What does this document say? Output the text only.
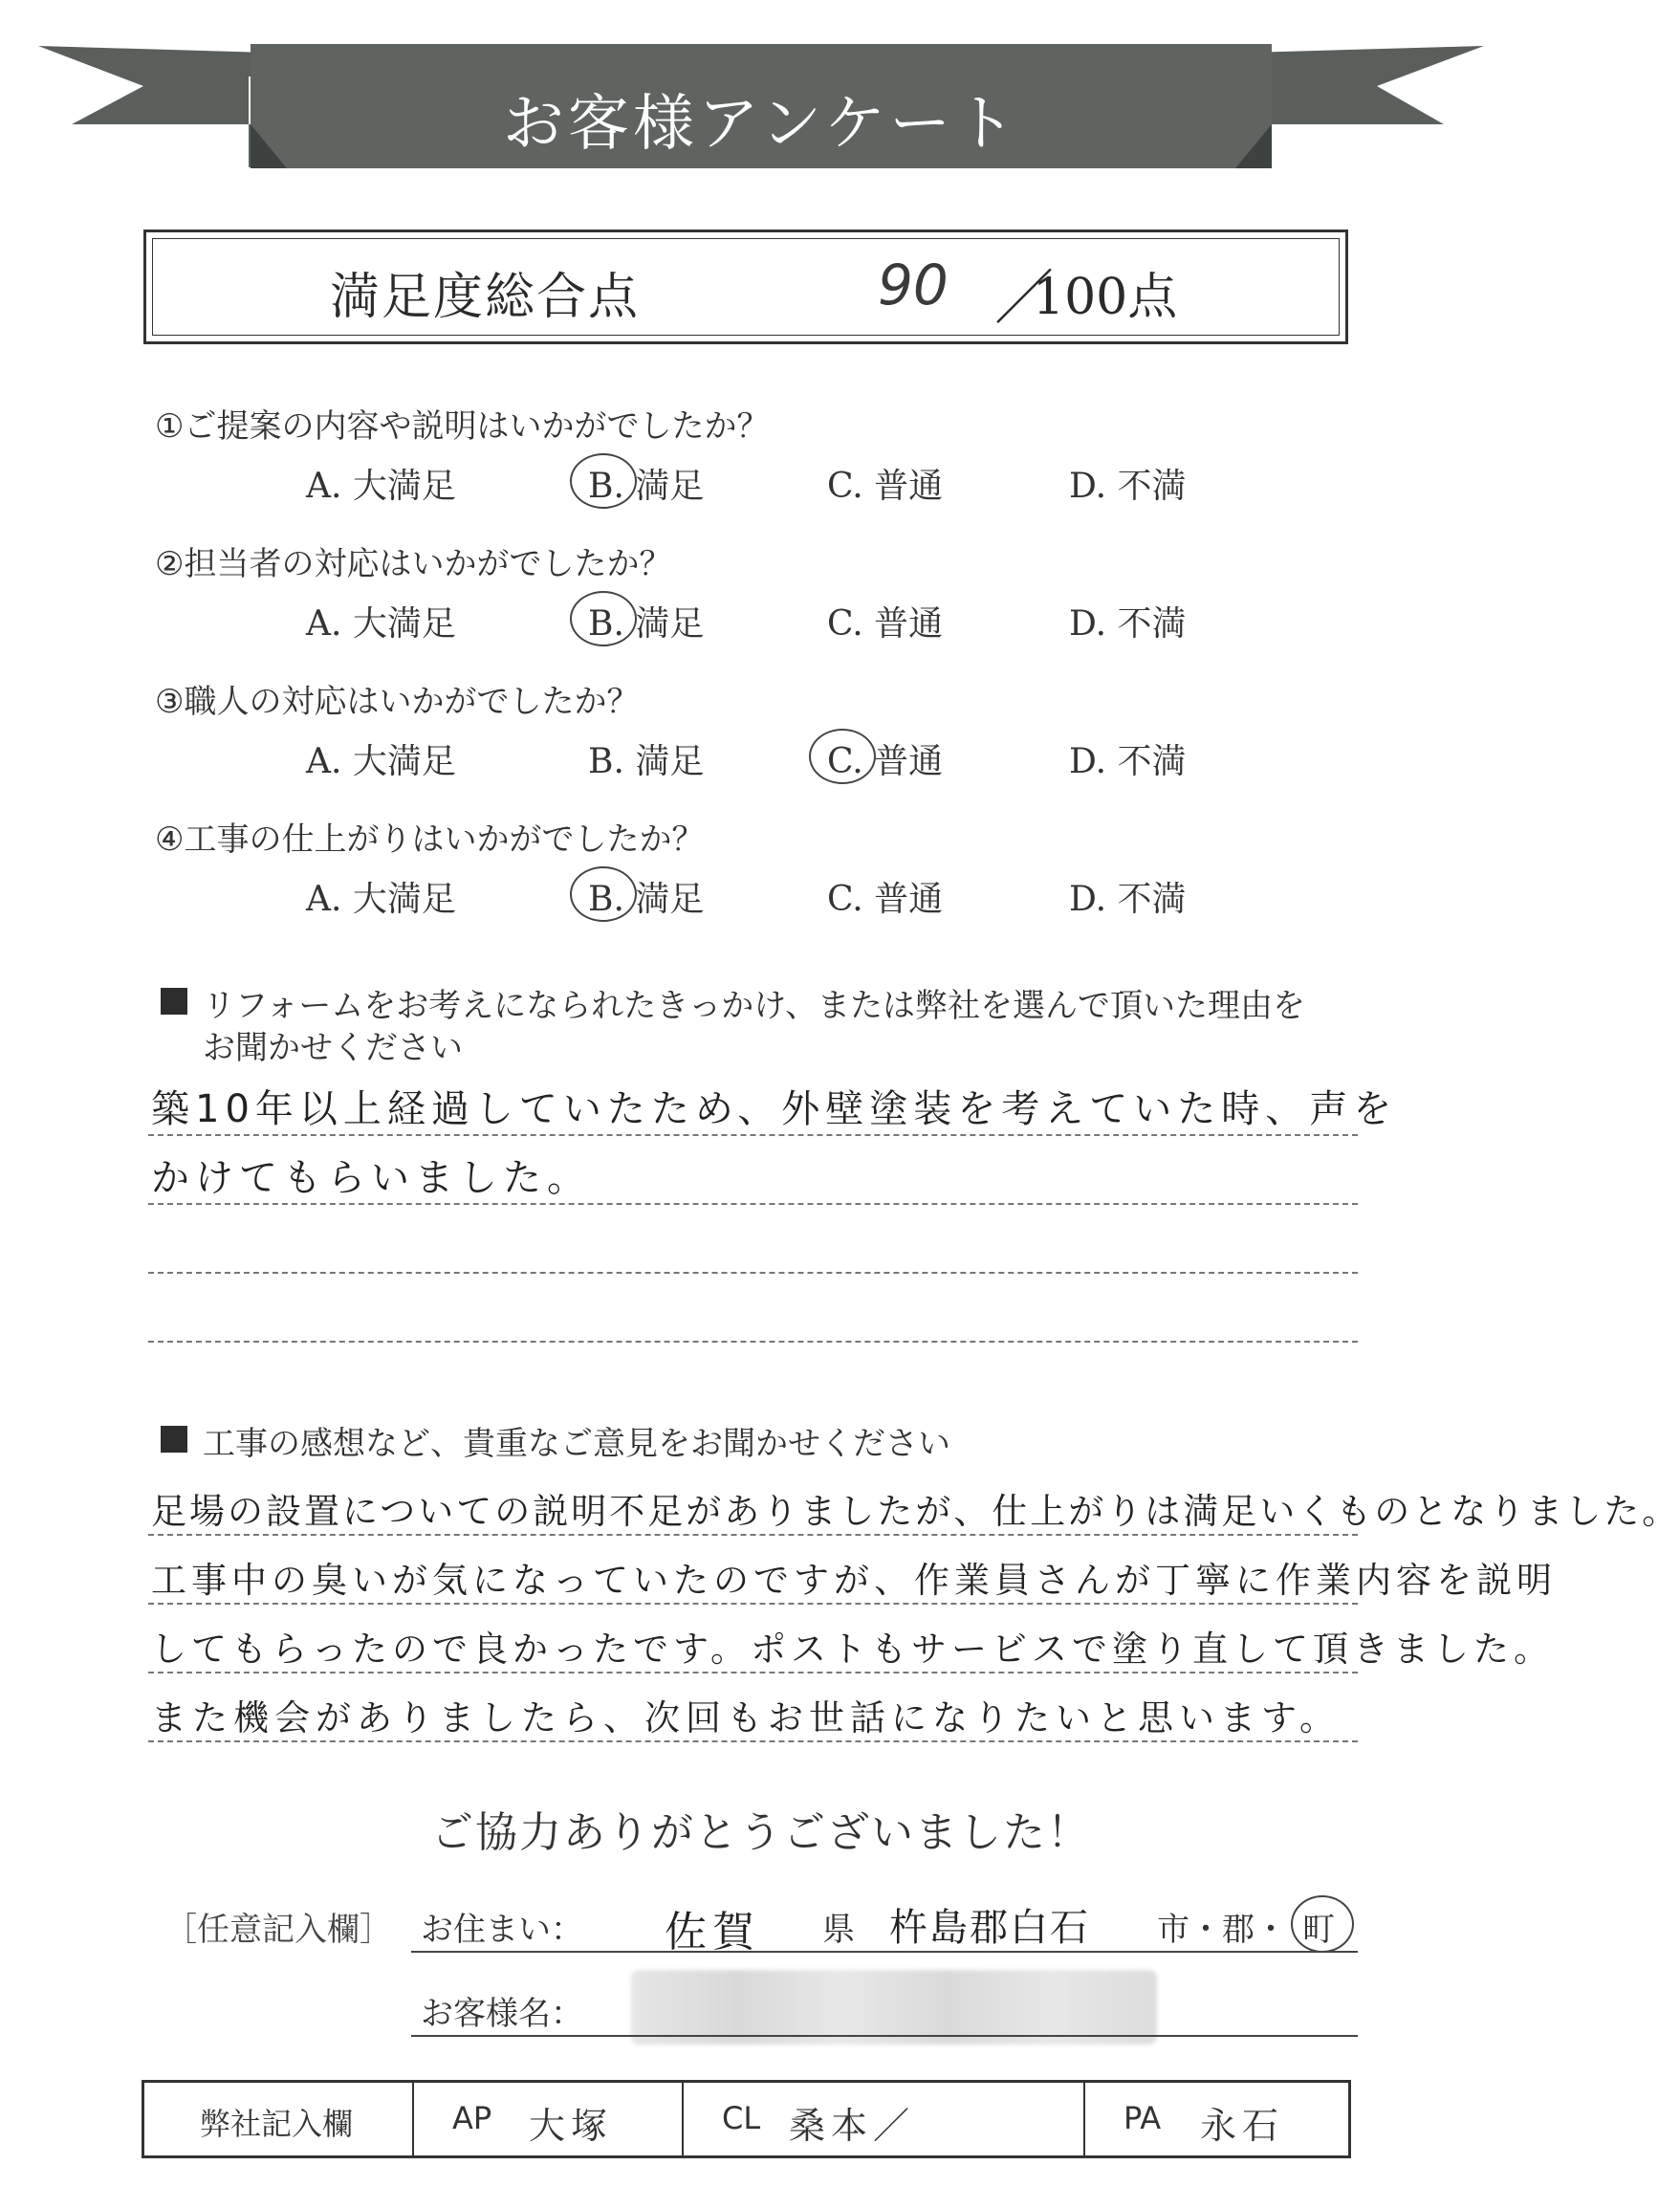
お客様アンケート
満足度総合点	90 ／
100点
①ご提案の内容や説明はいかがでしたか？
A. 大満足	B. 満足	C. 普通	D. 不満
②担当者の対応はいかがでしたか？
A. 大満足	B. 満足	C. 普通	D. 不満
③職人の対応はいかがでしたか？
A. 大満足	B. 満足	C. 普通	D. 不満
④工事の仕上がりはいかがでしたか？
A. 大満足	B. 満足	C. 普通	D. 不満
リフォームをお考えになられたきっかけ、または弊社を選んで頂いた理由を
お聞かせください
築10年以上経過していたため、外壁塗装を考えていた時、声を
かけてもらいました。
工事の感想など、貴重なご意見をお聞かせください
足場の設置についての説明不足がありましたが、仕上がりは満足いくものとなりました。
工事中の臭いが気になっていたのですが、作業員さんが丁寧に作業内容を説明
してもらったので良かったです。ポストもサービスで塗り直して頂きました。
また機会がありましたら、次回もお世話になりたいと思います。
ご協力ありがとうございました！
［任意記入欄］ お住まい： 佐賀 県 杵島郡白石 市・郡・ 町
お客様名：
弊社記入欄	AP 大塚	CL 桑本／	PA 永石
